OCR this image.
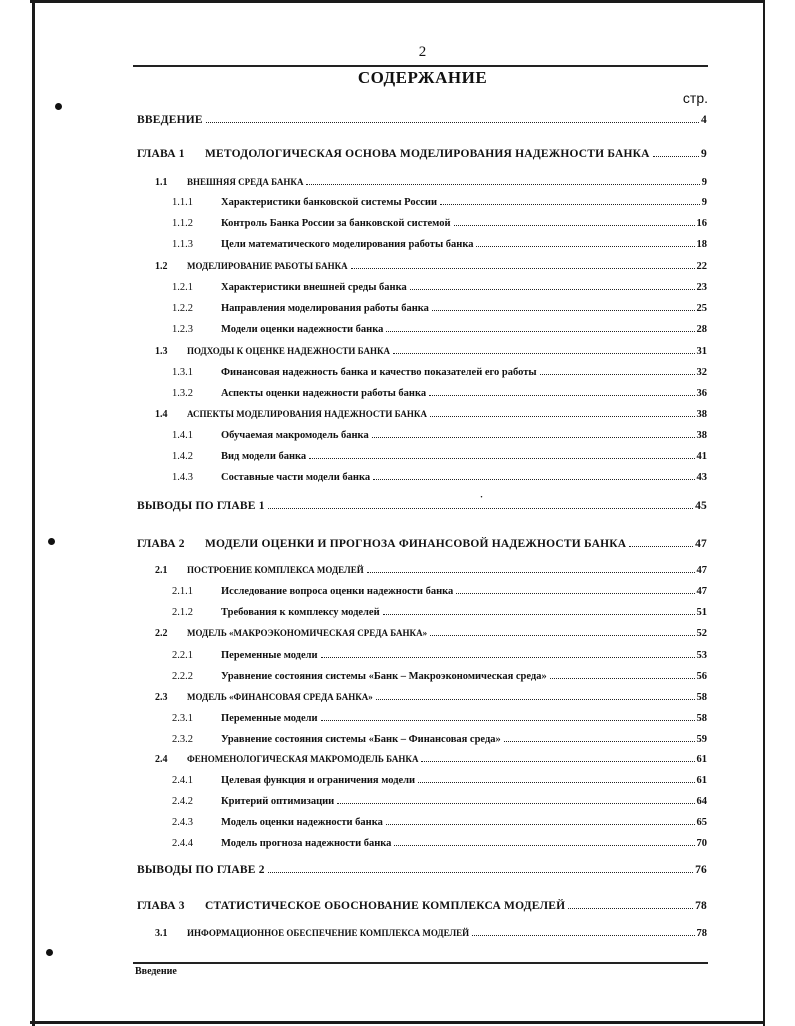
2
СОДЕРЖАНИЕ
стр.
ВВЕДЕНИЕ	4
ГЛАВА 1	МЕТОДОЛОГИЧЕСКАЯ ОСНОВА МОДЕЛИРОВАНИЯ НАДЕЖНОСТИ БАНКА	9
1.1	ВНЕШНЯЯ СРЕДА БАНКА	9
1.1.1	Характеристики банковской системы России	9
1.1.2	Контроль Банка России за банковской системой	16
1.1.3	Цели математического моделирования работы банка	18
1.2	МОДЕЛИРОВАНИЕ РАБОТЫ БАНКА	22
1.2.1	Характеристики внешней среды банка	23
1.2.2	Направления моделирования работы банка	25
1.2.3	Модели оценки надежности банка	28
1.3	ПОДХОДЫ К ОЦЕНКЕ НАДЕЖНОСТИ БАНКА	31
1.3.1	Финансовая надежность банка и качество показателей его работы	32
1.3.2	Аспекты оценки надежности работы банка	36
1.4	АСПЕКТЫ МОДЕЛИРОВАНИЯ НАДЕЖНОСТИ БАНКА	38
1.4.1	Обучаемая макромодель банка	38
1.4.2	Вид модели банка	41
1.4.3	Составные части модели банка	43
ВЫВОДЫ ПО ГЛАВЕ 1	45
ГЛАВА 2	МОДЕЛИ ОЦЕНКИ И ПРОГНОЗА ФИНАНСОВОЙ НАДЕЖНОСТИ БАНКА	47
2.1	ПОСТРОЕНИЕ КОМПЛЕКСА МОДЕЛЕЙ	47
2.1.1	Исследование вопроса оценки надежности банка	47
2.1.2	Требования к комплексу моделей	51
2.2	МОДЕЛЬ «МАКРОЭКОНОМИЧЕСКАЯ СРЕДА БАНКА»	52
2.2.1	Переменные модели	53
2.2.2	Уравнение состояния системы «Банк – Макроэкономическая среда»	56
2.3	МОДЕЛЬ «ФИНАНСОВАЯ СРЕДА БАНКА»	58
2.3.1	Переменные модели	58
2.3.2	Уравнение состояния системы «Банк – Финансовая среда»	59
2.4	ФЕНОМЕНОЛОГИЧЕСКАЯ МАКРОМОДЕЛЬ БАНКА	61
2.4.1	Целевая функция и ограничения модели	61
2.4.2	Критерий оптимизации	64
2.4.3	Модель оценки надежности банка	65
2.4.4	Модель прогноза надежности банка	70
ВЫВОДЫ ПО ГЛАВЕ 2	76
ГЛАВА 3	СТАТИСТИЧЕСКОЕ ОБОСНОВАНИЕ КОМПЛЕКСА МОДЕЛЕЙ	78
3.1	ИНФОРМАЦИОННОЕ ОБЕСПЕЧЕНИЕ КОМПЛЕКСА МОДЕЛЕЙ	78
·
Введение
